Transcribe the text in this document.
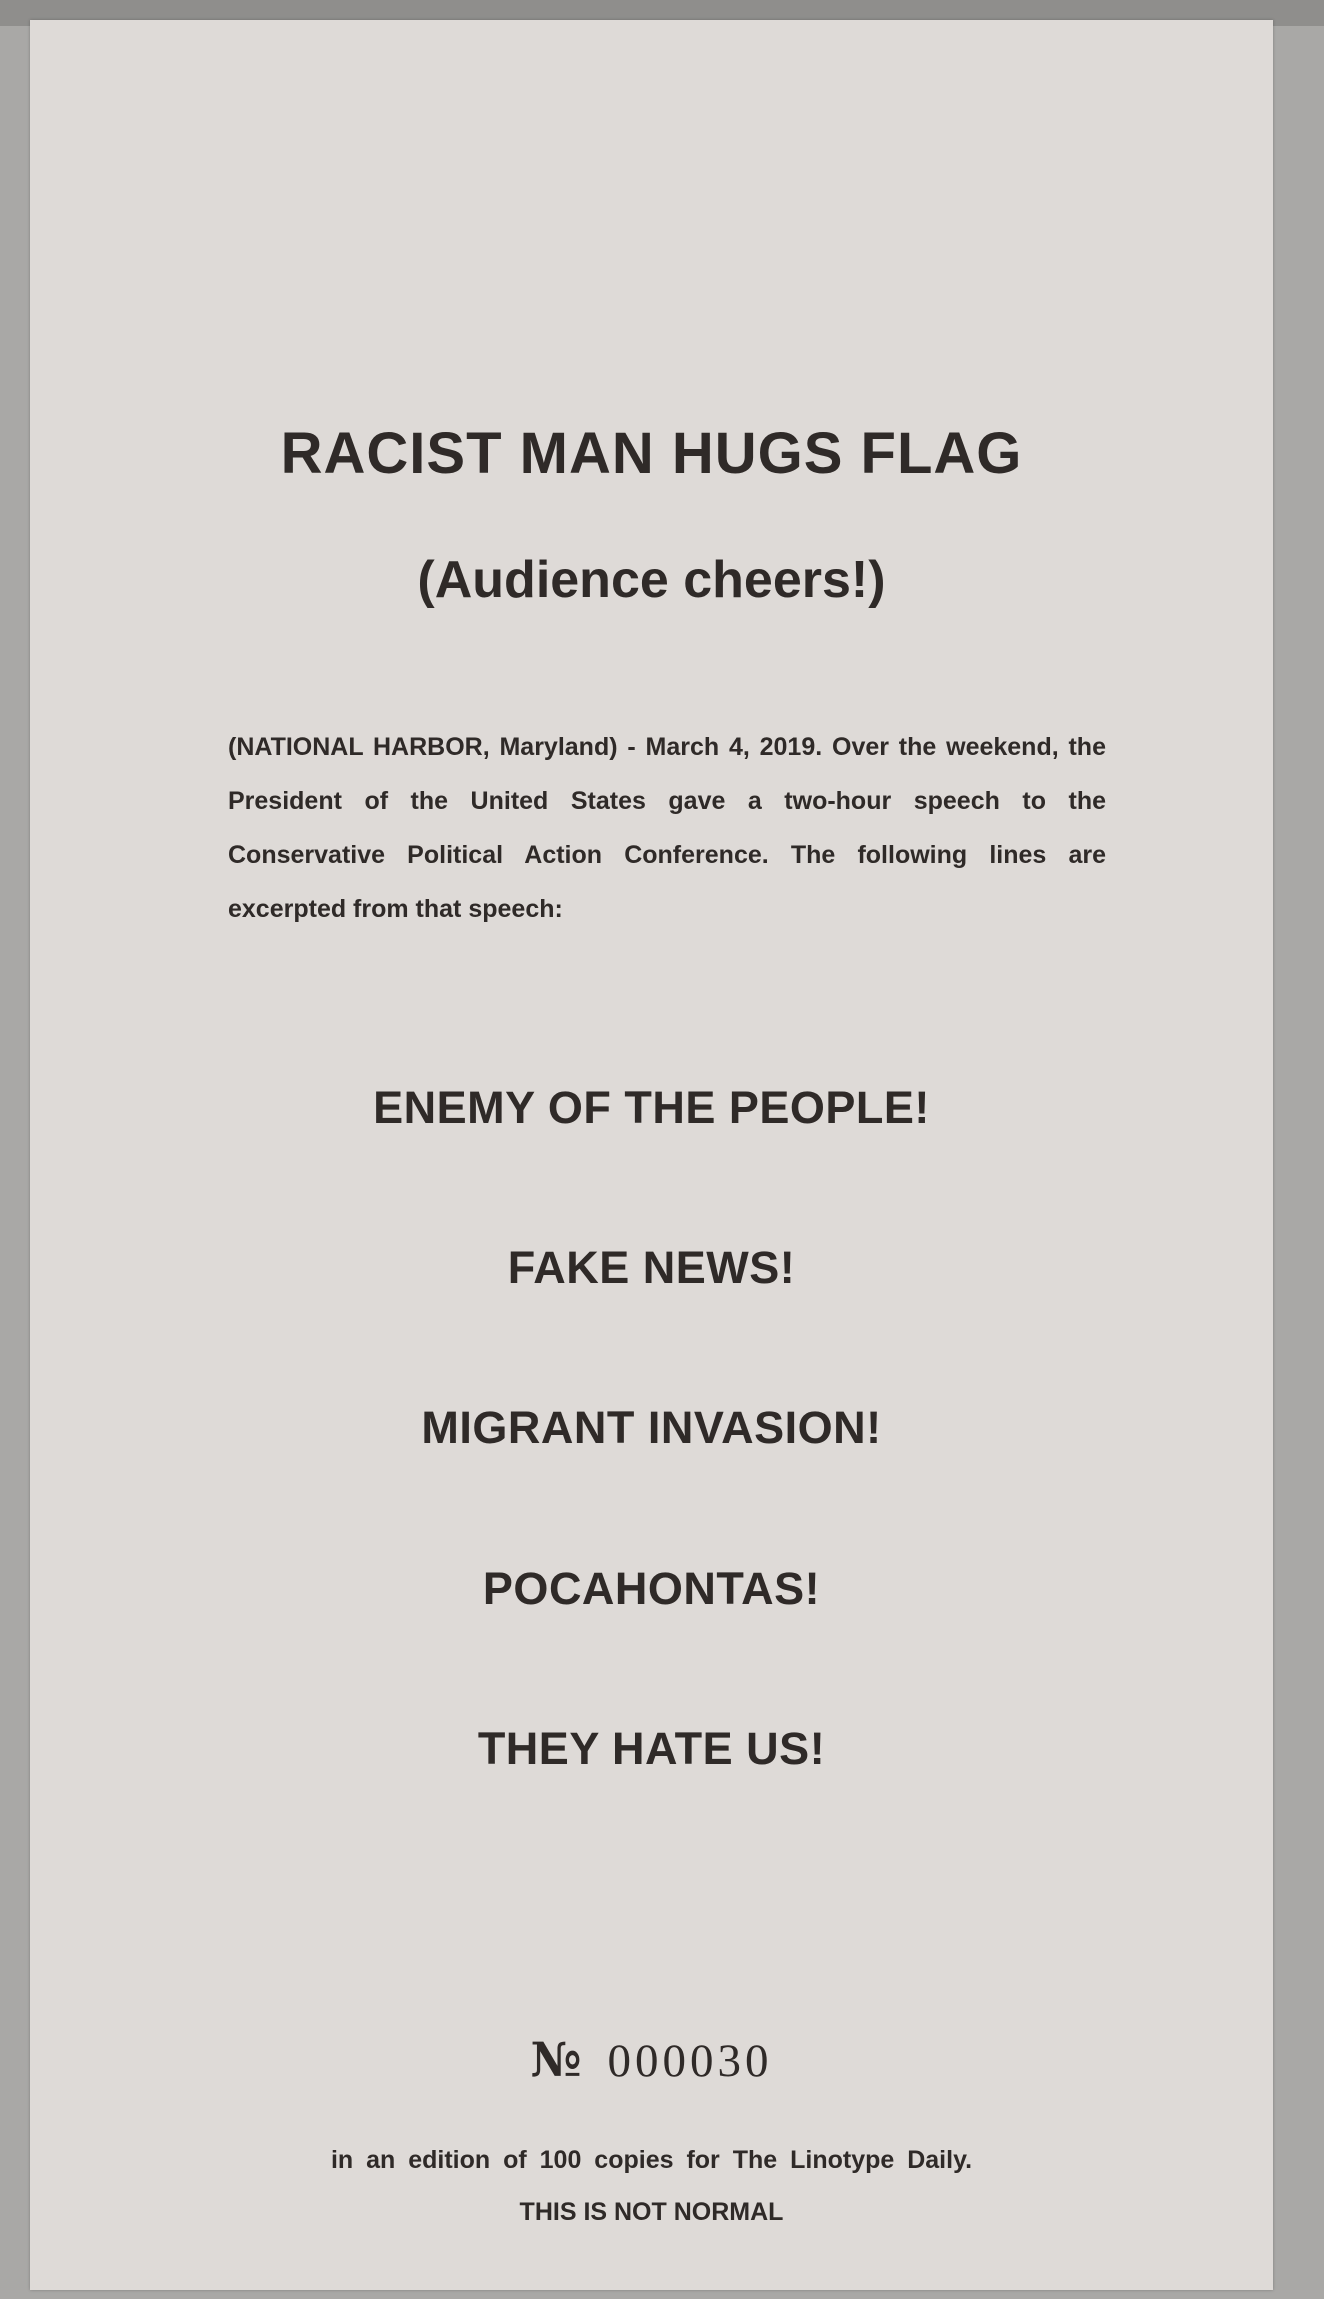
RACIST MAN HUGS FLAG
(Audience cheers!)

(NATIONAL HARBOR, Maryland) - March 4, 2019. Over the weekend, the President of the United States gave a two-hour speech to the Conservative Political Action Conference. The following lines are excerpted from that speech:

ENEMY OF THE PEOPLE!
FAKE NEWS!
MIGRANT INVASION!
POCAHONTAS!
THEY HATE US!
№ 000030
in an edition of 100 copies for The Linotype Daily.
THIS IS NOT NORMAL
